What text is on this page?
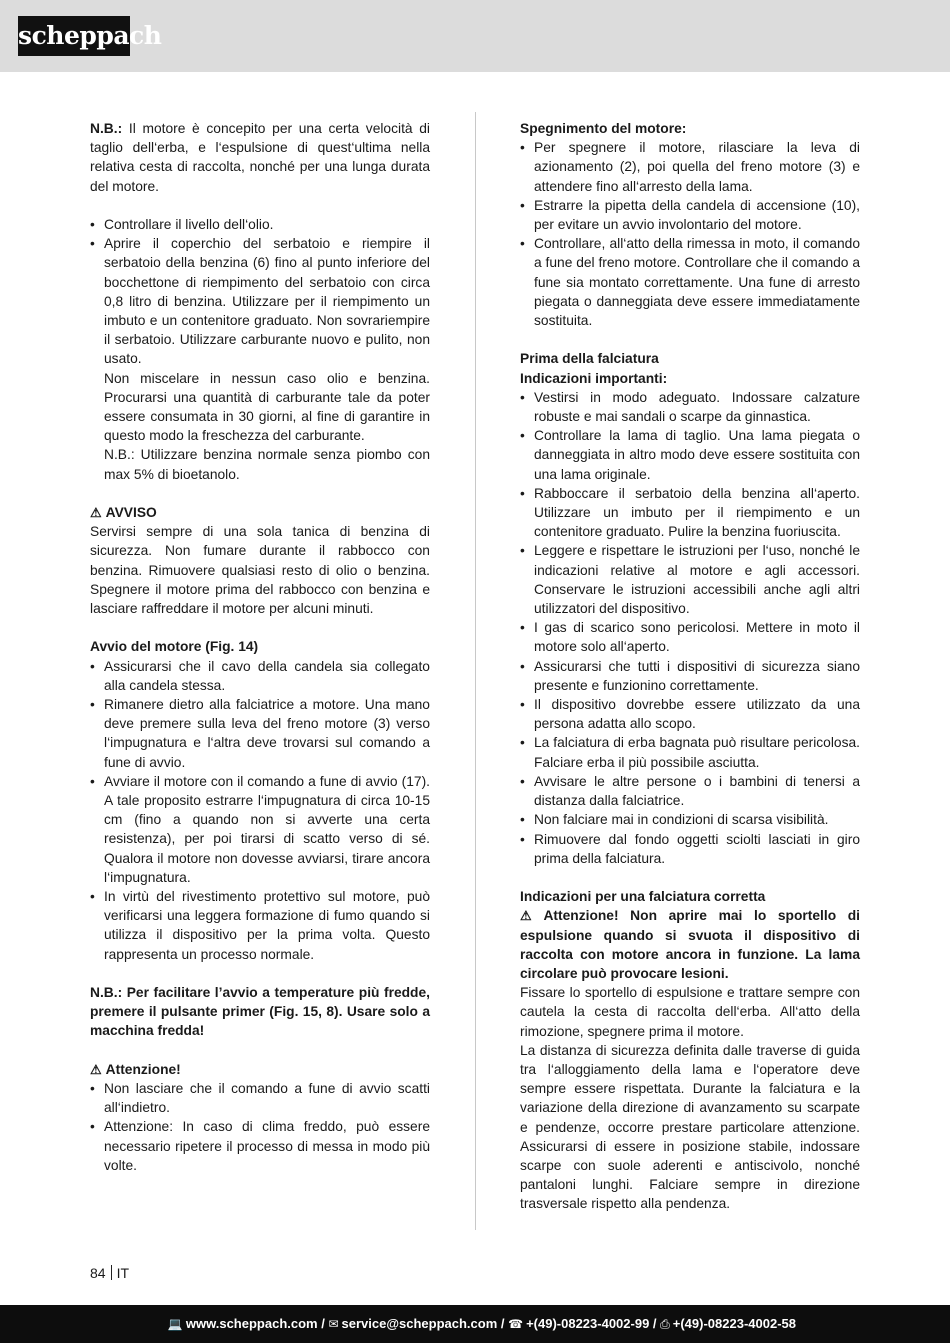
scheppach

N.B.: Il motore è concepito per una certa velocità di taglio dell‘erba, e l‘espulsione di quest‘ultima nella relativa cesta di raccolta, nonché per una lunga durata del motore.

• Controllare il livello dell‘olio.
• Aprire il coperchio del serbatoio e riempire il serbatoio della benzina (6) fino al punto inferiore del bocchettone di riempimento del serbatoio con circa 0,8 litro di benzina. Utilizzare per il riempimento un imbuto e un contenitore graduato. Non sovrariempire il serbatoio. Utilizzare carburante nuovo e pulito, non usato.

Non miscelare in nessun caso olio e benzina. Procurarsi una quantità di carburante tale da poter essere consumata in 30 giorni, al fine di garantire in questo modo la freschezza del carburante.

N.B.: Utilizzare benzina normale senza piombo con max 5% di bioetanolo.

⚠ AVVISO

Servirsi sempre di una sola tanica di benzina di sicurezza. Non fumare durante il rabbocco con benzina. Rimuovere qualsiasi resto di olio o benzina. Spegnere il motore prima del rabbocco con benzina e lasciare raffreddare il motore per alcuni minuti.

Avvio del motore (Fig. 14)

• Assicurarsi che il cavo della candela sia collegato alla candela stessa.
• Rimanere dietro alla falciatrice a motore. Una mano deve premere sulla leva del freno motore (3) verso l‘impugnatura e l‘altra deve trovarsi sul comando a fune di avvio.
• Avviare il motore con il comando a fune di avvio (17). A tale proposito estrarre l‘impugnatura di circa 10-15 cm (fino a quando non si avverte una certa resistenza), per poi tirarsi di scatto verso di sé. Qualora il motore non dovesse avviarsi, tirare ancora l‘impugnatura.
• In virtù del rivestimento protettivo sul motore, può verificarsi una leggera formazione di fumo quando si utilizza il dispositivo per la prima volta. Questo rappresenta un processo normale.

N.B.: Per facilitare l’avvio a temperature più fredde, premere il pulsante primer (Fig. 15, 8). Usare solo a macchina fredda!

⚠ Attenzione!

• Non lasciare che il comando a fune di avvio scatti all‘indietro.
• Attenzione: In caso di clima freddo, può essere necessario ripetere il processo di messa in modo più volte.

Spegnimento del motore:

• Per spegnere il motore, rilasciare la leva di azionamento (2), poi quella del freno motore (3) e attendere fino all‘arresto della lama.
• Estrarre la pipetta della candela di accensione (10), per evitare un avvio involontario del motore.
• Controllare, all‘atto della rimessa in moto, il comando a fune del freno motore. Controllare che il comando a fune sia montato correttamente. Una fune di arresto piegata o danneggiata deve essere immediatamente sostituita.

Prima della falciatura

Indicazioni importanti:

• Vestirsi in modo adeguato. Indossare calzature robuste e mai sandali o scarpe da ginnastica.
• Controllare la lama di taglio. Una lama piegata o danneggiata in altro modo deve essere sostituita con una lama originale.
• Rabboccare il serbatoio della benzina all‘aperto. Utilizzare un imbuto per il riempimento e un contenitore graduato. Pulire la benzina fuoriuscita.
• Leggere e rispettare le istruzioni per l‘uso, nonché le indicazioni relative al motore e agli accessori. Conservare le istruzioni accessibili anche agli altri utilizzatori del dispositivo.
• I gas di scarico sono pericolosi. Mettere in moto il motore solo all‘aperto.
• Assicurarsi che tutti i dispositivi di sicurezza siano presente e funzionino correttamente.
• Il dispositivo dovrebbe essere utilizzato da una persona adatta allo scopo.
• La falciatura di erba bagnata può risultare pericolosa. Falciare erba il più possibile asciutta.
• Avvisare le altre persone o i bambini di tenersi a distanza dalla falciatrice.
• Non falciare mai in condizioni di scarsa visibilità.
• Rimuovere dal fondo oggetti sciolti lasciati in giro prima della falciatura.

Indicazioni per una falciatura corretta

⚠ Attenzione! Non aprire mai lo sportello di espulsione quando si svuota il dispositivo di raccolta con motore ancora in funzione. La lama circolare può provocare lesioni.

Fissare lo sportello di espulsione e trattare sempre con cautela la cesta di raccolta dell‘erba. All‘atto della rimozione, spegnere prima il motore.

La distanza di sicurezza definita dalle traverse di guida tra l‘alloggiamento della lama e l‘operatore deve sempre essere rispettata. Durante la falciatura e la variazione della direzione di avanzamento su scarpate e pendenze, occorre prestare particolare attenzione. Assicurarsi di essere in posizione stabile, indossare scarpe con suole aderenti e antiscivolo, nonché pantaloni lunghi. Falciare sempre in direzione trasversale rispetto alla pendenza.

84 IT
💻 www.scheppach.com / ✉ service@scheppach.com / ☎ +(49)-08223-4002-99 / ⎙ +(49)-08223-4002-58
